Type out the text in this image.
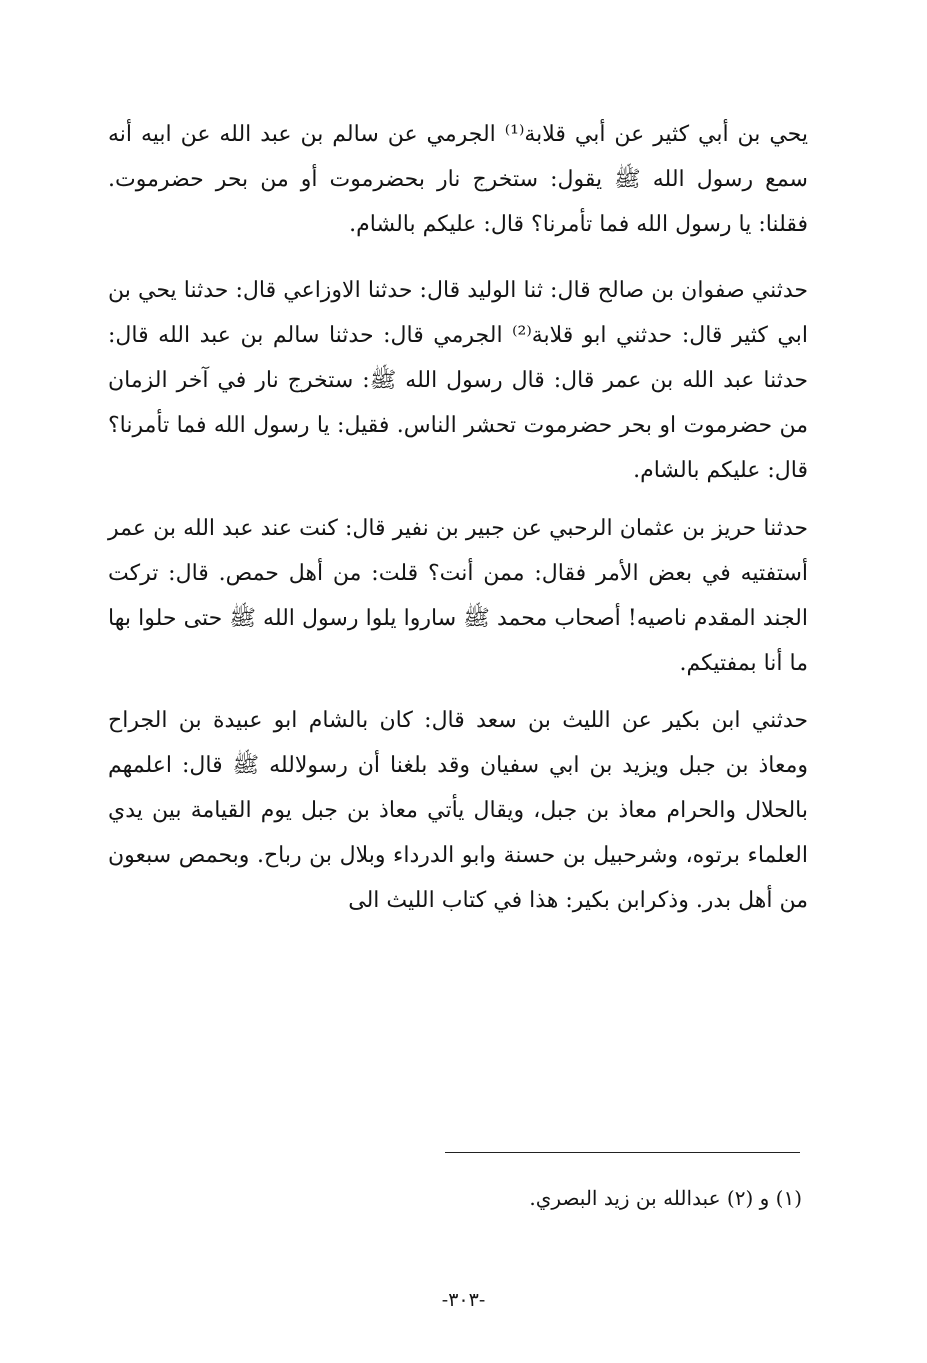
يحي بن أبي كثير عن أبي قلابة⁽¹⁾ الجرمي عن سالم بن عبد الله عن ابيه أنه سمع رسول الله ﷺ يقول: ستخرج نار بحضرموت أو من بحر حضرموت. فقلنا: يا رسول الله فما تأمرنا؟ قال: عليكم بالشام.

حدثني صفوان بن صالح قال: ثنا الوليد قال: حدثنا الاوزاعي قال: حدثنا يحي بن ابي كثير قال: حدثني ابو قلابة⁽²⁾ الجرمي قال: حدثنا سالم بن عبد الله قال: حدثنا عبد الله بن عمر قال: قال رسول الله ﷺ: ستخرج نار في آخر الزمان من حضرموت او بحر حضرموت تحشر الناس. فقيل: يا رسول الله فما تأمرنا؟ قال: عليكم بالشام.

حدثنا حريز بن عثمان الرحبي عن جبير بن نفير قال: كنت عند عبد الله بن عمر أستفتيه في بعض الأمر فقال: ممن أنت؟ قلت: من أهل حمص. قال: تركت الجند المقدم ناصيه! أصحاب محمد ﷺ ساروا يلوا رسول الله ﷺ حتى حلوا بها ما أنا بمفتيكم.

حدثني ابن بكير عن الليث بن سعد قال: كان بالشام ابو عبيدة بن الجراح ومعاذ بن جبل ويزيد بن ابي سفيان وقد بلغنا أن رسولالله ﷺ قال: اعلمهم بالحلال والحرام معاذ بن جبل، ويقال يأتي معاذ بن جبل يوم القيامة بين يدي العلماء برتوه، وشرحبيل بن حسنة وابو الدرداء وبلال بن رباح. وبحمص سبعون من أهل بدر. وذكرابن بكير: هذا في كتاب الليث الى

(١) و (٢) عبدالله بن زيد البصري.

-٣٠٣-
